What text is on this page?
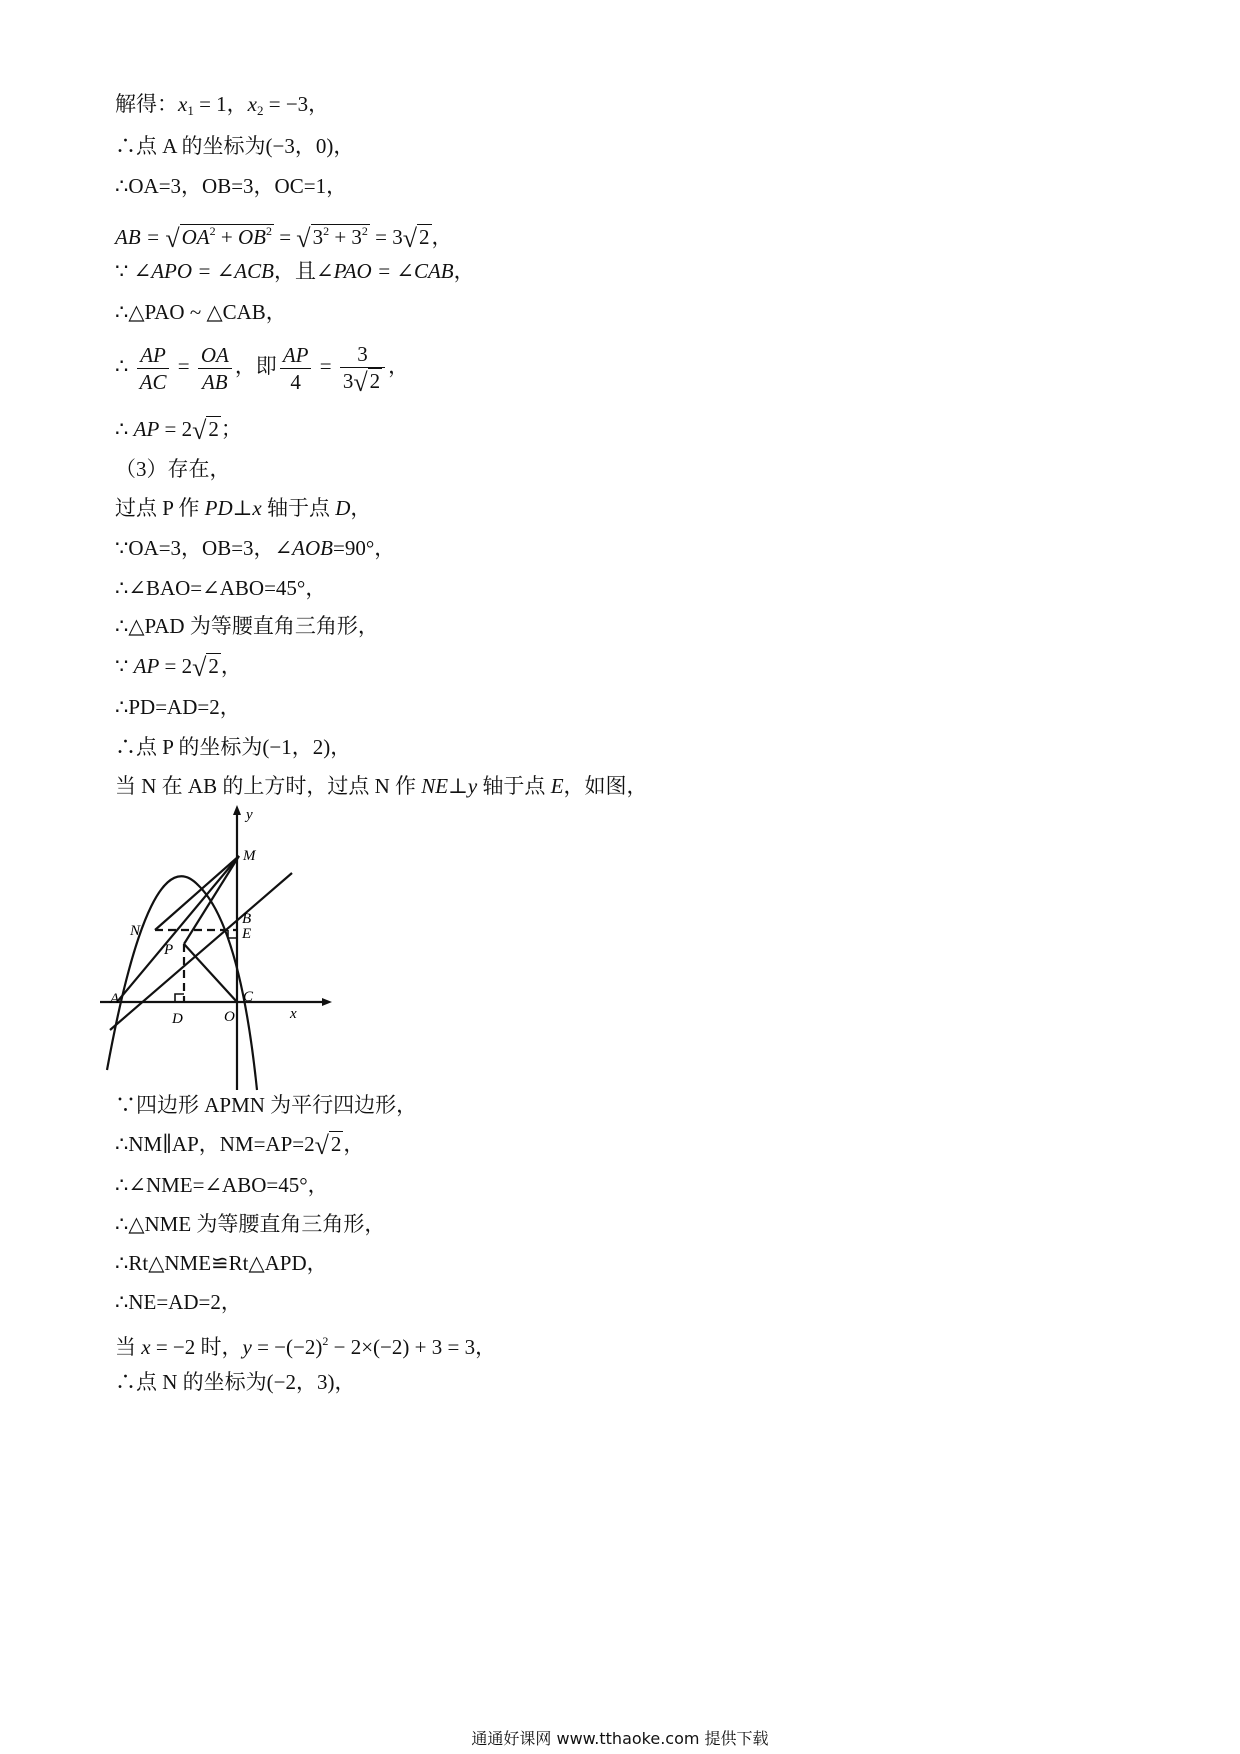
解得：$x_1 = 1$，$x_2 = -3$，
∴点 A 的坐标为(−3，0)，
∴OA=3，OB=3，OC=1，
AB = $√OA^2 + OB^2 = √3^2 + 3^2 = 3√2$，
∵ ∠APO = ∠ACB，且∠PAO = ∠CAB，
∴△PAO ~ △CAB，
∴ $\frac{AP}{AC} = \frac{OA}{AB}$ ，即 $\frac{AP}{4} = \frac{3}{3√2}$ ，
∴ AP = 2√2；
（3）存在，
过点 P 作 PD⊥x 轴于点 D，
∵OA=3，OB=3，∠AOB=90°，
∴∠BAO=∠ABO=45°，
∴△PAD 为等腰直角三角形，
∵ AP = 2√2，
∴PD=AD=2，
∴点 P 的坐标为(−1，2)，
当 N 在 AB 的上方时，过点 N 作 NE⊥y 轴于点 E，如图，
y
x
M
N
B
E
P
A	C
D	O
∵四边形 APMN 为平行四边形，
∴NM∥AP，NM=AP=2√2，
∴∠NME=∠ABO=45°，
∴△NME 为等腰直角三角形，
∴Rt△NME≌Rt△APD，
∴NE=AD=2，
当 x = −2 时，$y = -(-2)^2 - 2\times(-2) + 3 = 3$，
∴点 N 的坐标为(−2，3)，
通通好课网 www.tthaoke.com 提供下载
